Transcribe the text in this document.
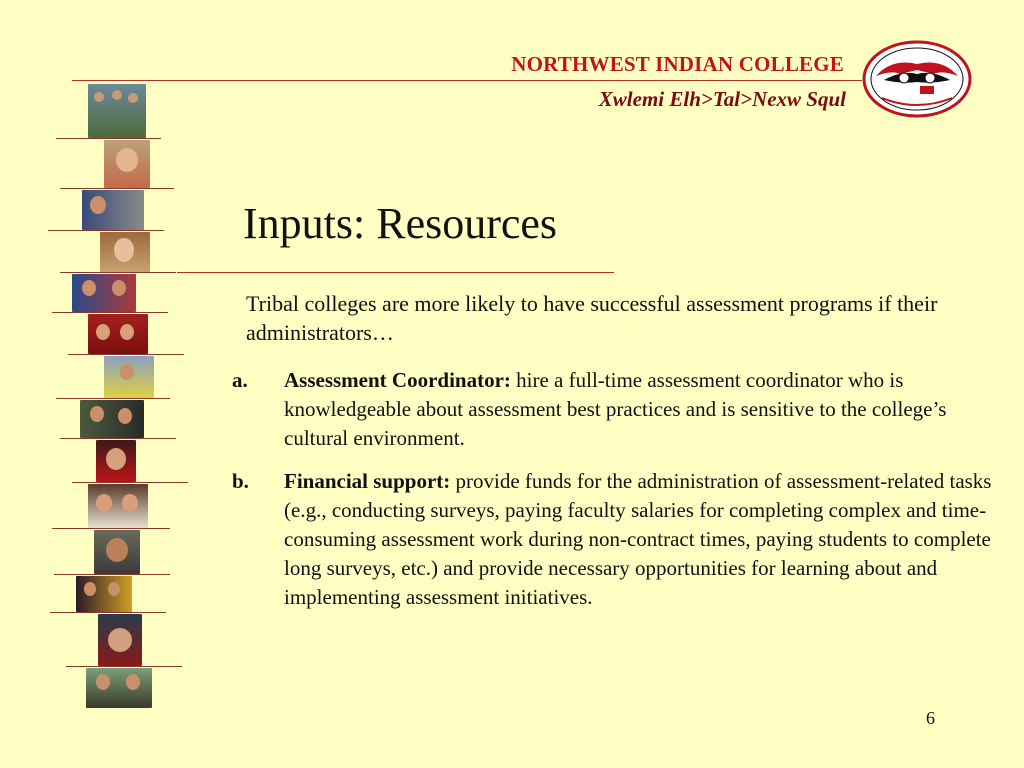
NORTHWEST INDIAN COLLEGE
Xwlemi Elh>Tal>Nexw Squl
Inputs: Resources
Tribal colleges are more likely to have successful assessment programs if their administrators…
a. Assessment Coordinator: hire a full-time assessment coordinator who is knowledgeable about assessment best practices and is sensitive to the college’s cultural environment.
b. Financial support: provide funds for the administration of assessment-related tasks (e.g., conducting surveys, paying faculty salaries for completing complex and time-consuming assessment work during non-contract times, paying students to complete long surveys, etc.) and provide necessary opportunities for learning about and implementing assessment initiatives.
6
